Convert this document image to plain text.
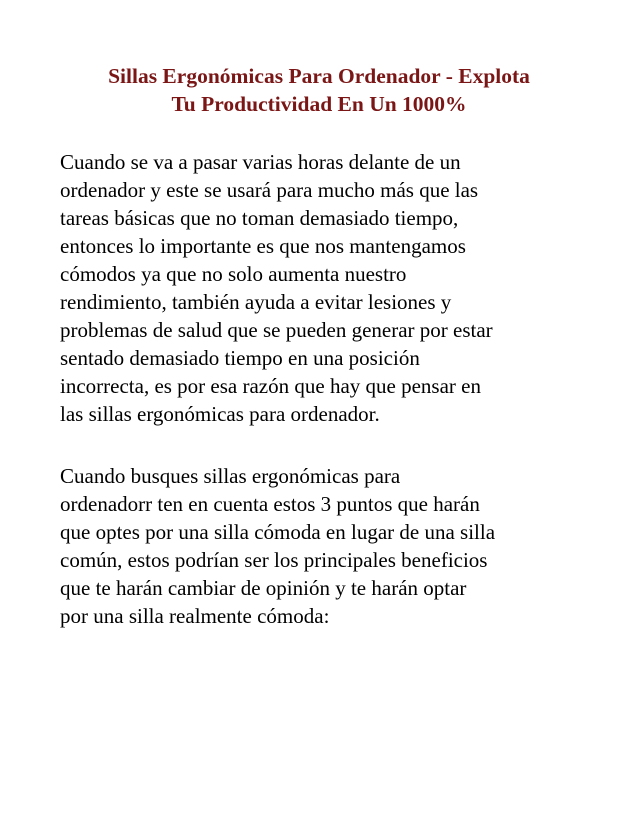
Sillas Ergonómicas Para Ordenador - Explota
Tu Productividad En Un 1000%

Cuando se va a pasar varias horas delante de un
ordenador y este se usará para mucho más que las
tareas básicas que no toman demasiado tiempo,
entonces lo importante es que nos mantengamos
cómodos ya que no solo aumenta nuestro
rendimiento, también ayuda a evitar lesiones y
problemas de salud que se pueden generar por estar
sentado demasiado tiempo en una posición
incorrecta, es por esa razón que hay que pensar en
las sillas ergonómicas para ordenador.

Cuando busques sillas ergonómicas para
ordenadorr ten en cuenta estos 3 puntos que harán
que optes por una silla cómoda en lugar de una silla
común, estos podrían ser los principales beneficios
que te harán cambiar de opinión y te harán optar
por una silla realmente cómoda:
